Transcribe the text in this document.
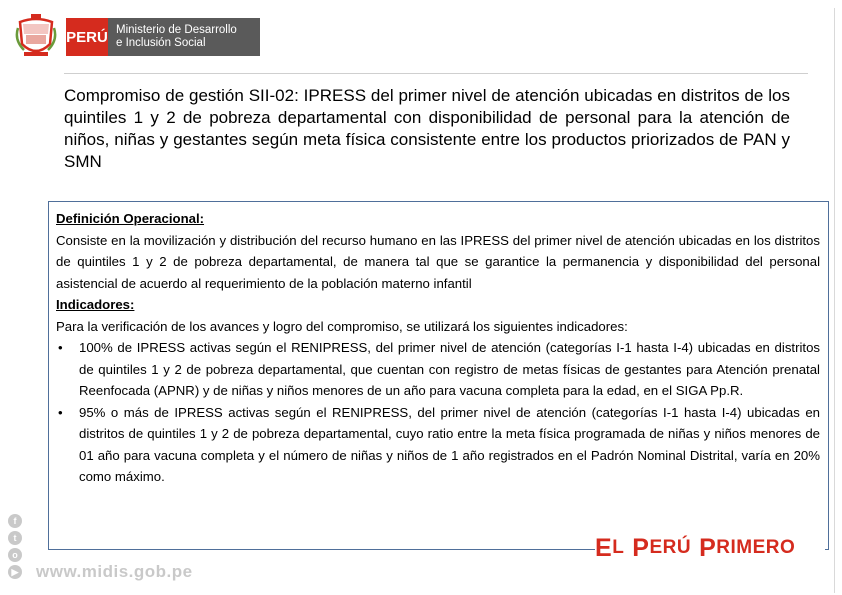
PERÚ Ministerio de Desarrollo
e Inclusión Social
Compromiso de gestión SII-02: IPRESS del primer nivel de atención ubicadas en distritos de los quintiles 1 y 2 de pobreza departamental con disponibilidad de personal para la atención de niños, niñas y gestantes según meta física consistente entre los productos priorizados de PAN y SMN

Definición Operacional:

Consiste en la movilización y distribución del recurso humano en las IPRESS del primer nivel de atención ubicadas en los distritos de quintiles 1 y 2 de pobreza departamental, de manera tal que se garantice la permanencia y disponibilidad del personal asistencial de acuerdo al requerimiento de la población materno infantil

Indicadores:

Para la verificación de los avances y logro del compromiso, se utilizará los siguientes indicadores:

• 100% de IPRESS activas según el RENIPRESS, del primer nivel de atención (categorías I-1 hasta I-4) ubicadas en distritos de quintiles 1 y 2 de pobreza departamental, que cuentan con registro de metas físicas de gestantes para Atención prenatal Reenfocada (APNR) y de niñas y niños menores de un año para vacuna completa para la edad, en el SIGA Pp.R.
• 95% o más de IPRESS activas según el RENIPRESS, del primer nivel de atención (categorías I-1 hasta I-4) ubicadas en distritos de quintiles 1 y 2 de pobreza departamental, cuyo ratio entre la meta física programada de niñas y niños menores de 01 año para vacuna completa y el número de niñas y niños de 1 año registrados en el Padrón Nominal Distrital, varía en 20% como máximo.
f
t
o
▶ www.midis.gob.pe
E L P ERÚ P RIMERO
